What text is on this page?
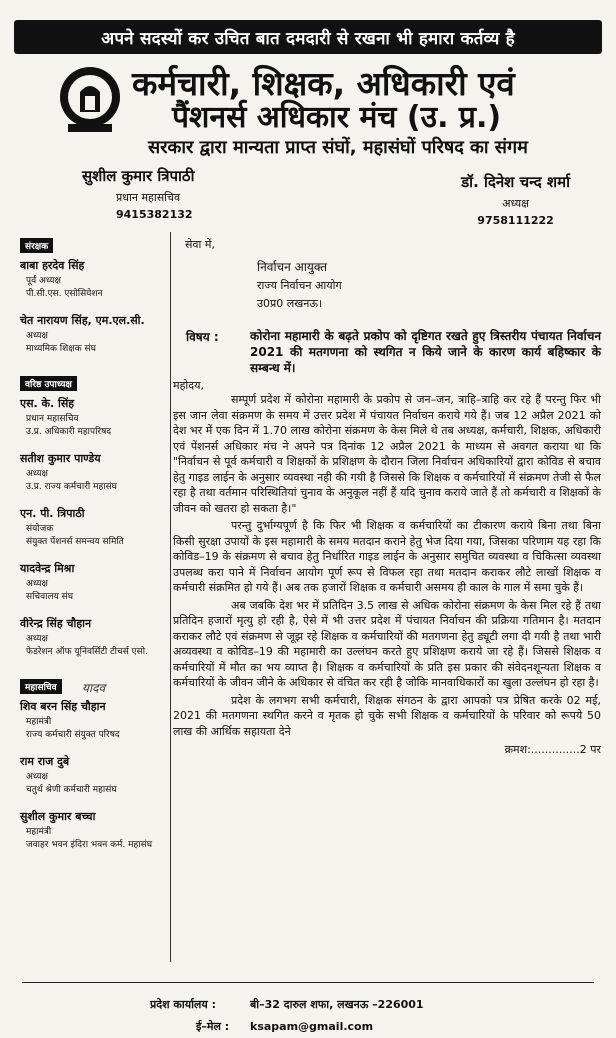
अपने सदस्यों कर उचित बात दमदारी से रखना भी हमारा कर्तव्य है
कर्मचारी, शिक्षक, अधिकारी एवं
पैंशनर्स अधिकार मंच (उ. प्र.)
सरकार द्वारा मान्यता प्राप्त संघों, महासंघों परिषद का संगम
सुशील कुमार त्रिपाठी
प्रधान महासचिव
9415382132
डॉ. दिनेश चन्द शर्मा
अध्यक्ष
9758111222
संरक्षक
बाबा हरदेव सिंह
पूर्व अध्यक्ष
पी.सी.एस. एसोसियेशन
चेत नारायण सिंह, एम.एल.सी.
अध्यक्ष
माध्यमिक शिक्षक संघ
वरिष्ठ उपाध्यक्ष
एस. के. सिंह
प्रधान महासचिव
उ.प्र. अधिकारी महापरिषद
सतीश कुमार पाण्डेय
अध्यक्ष
उ.प्र. राज्य कर्मचारी महासंघ
एन. पी. त्रिपाठी
संयोजक
संयुक्त पेंशनर्स समन्वय समिति
यादवेन्द्र मिश्रा
अध्यक्ष
सचिवालय संघ
वीरेन्द्र सिंह चौहान
अध्यक्ष
फेडरेशन ऑफ यूनिवर्सिटी टीचर्स एसो.
महासचिव यादव
शिव बरन सिंह चौहान
महामंत्री
राज्य कर्मचारी संयुक्त परिषद
राम राज दुबे
अध्यक्ष
चतुर्थ श्रेणी कर्मचारी महासंघ
सुशील कुमार बच्चा
महामंत्री
जवाहर भवन इंदिरा भवन कर्म. महासंघ
सेवा में,
निर्वाचन आयुक्त
राज्य निर्वाचन आयोग
उ0प्र0 लखनऊ।
विषय :	कोरोना महामारी के बढ़ते प्रकोप को दृष्टिगत रखते हुए त्रिस्तरीय पंचायत निर्वाचन 2021 की मतगणना को स्थगित न किये जाने के कारण कार्य बहिष्कार के सम्बन्ध में।
महोदय,

सम्पूर्ण प्रदेश में कोरोना महामारी के प्रकोप से जन–जन, त्राहि–त्राहि कर रहे हैं परन्तु फिर भी इस जान लेवा संक्रमण के समय में उत्तर प्रदेश में पंचायत निर्वाचन कराये गये हैं। जब 12 अप्रैल 2021 को देश भर में एक दिन में 1.70 लाख कोरोना संक्रमण के केस मिले थे तब अध्यक्ष, कर्मचारी, शिक्षक, अधिकारी एवं पेंशनर्स अधिकार मंच ने अपने पत्र दिनांक 12 अप्रैल 2021 के माध्यम से अवगत कराया था कि "निर्वाचन से पूर्व कर्मचारी व शिक्षकों के प्रशिक्षण के दौरान जिला निर्वाचन अधिकारियों द्वारा कोविड से बचाव हेतु गाइड लाईन के अनुसार व्यवस्था नही की गयी है जिससे कि शिक्षक व कर्मचारियों में संक्रमण तेजी से फैल रहा है तथा वर्तमान परिस्थितियां चुनाव के अनुकूल नहीं हैं यदि चुनाव कराये जाते हैं तो कर्मचारी व शिक्षकों के जीवन को खतरा हो सकता है।"

परन्तु दुर्भाग्यपूर्ण है कि फिर भी शिक्षक व कर्मचारियों का टीकारण कराये बिना तथा बिना किसी सुरक्षा उपायों के इस महामारी के समय मतदान कराने हेतु भेज दिया गया, जिसका परिणाम यह रहा कि कोविड–19 के संक्रमण से बचाव हेतु निर्धारित गाइड लाईन के अनुसार समुचित व्यवस्था व चिकित्सा व्यवस्था उपलब्ध करा पाने में निर्वाचन आयोग पूर्ण रूप से विफल रहा तथा मतदान कराकर लौटे लाखों शिक्षक व कर्मचारी संक्रमित हो गये हैं। अब तक हजारों शिक्षक व कर्मचारी असमय ही काल के गाल में समा चुके हैं।

अब जबकि देश भर में प्रतिदिन 3.5 लाख से अधिक कोरोना संक्रमण के केस मिल रहे हैं तथा प्रतिदिन हजारों मृत्यु हो रही है, ऐसे में भी उत्तर प्रदेश में पंचायत निर्वाचन की प्रक्रिया गतिमान है। मतदान कराकर लौटे एवं संक्रमण से जूझ रहे शिक्षक व कर्मचारियों की मतगणना हेतु ड्यूटी लगा दी गयी है तथा भारी अव्यवस्था व कोविड–19 की महामारी का उल्लंघन करते हुए प्रशिक्षण कराये जा रहे हैं। जिससे शिक्षक व कर्मचारियों में मौत का भय व्याप्त है। शिक्षक व कर्मचारियों के प्रति इस प्रकार की संवेदनशून्यता शिक्षक व कर्मचारियों के जीवन जीने के अधिकार से वंचित कर रही है जोकि मानवाधिकारों का खुला उल्लंघन हो रहा है।

प्रदेश के लगभग सभी कर्मचारी, शिक्षक संगठन के द्वारा आपको पत्र प्रेषित करके 02 मई, 2021 की मतगणना स्थगित करने व मृतक हो चुके सभी शिक्षक व कर्मचारियों के परिवार को रूपये 50 लाख की आर्थिक सहायता देने

क्रमश:..............2 पर
प्रदेश कार्यालय :	बी–32 दारुल शफा, लखनऊ –226001
ई–मेल :	ksapam@gmail.com
